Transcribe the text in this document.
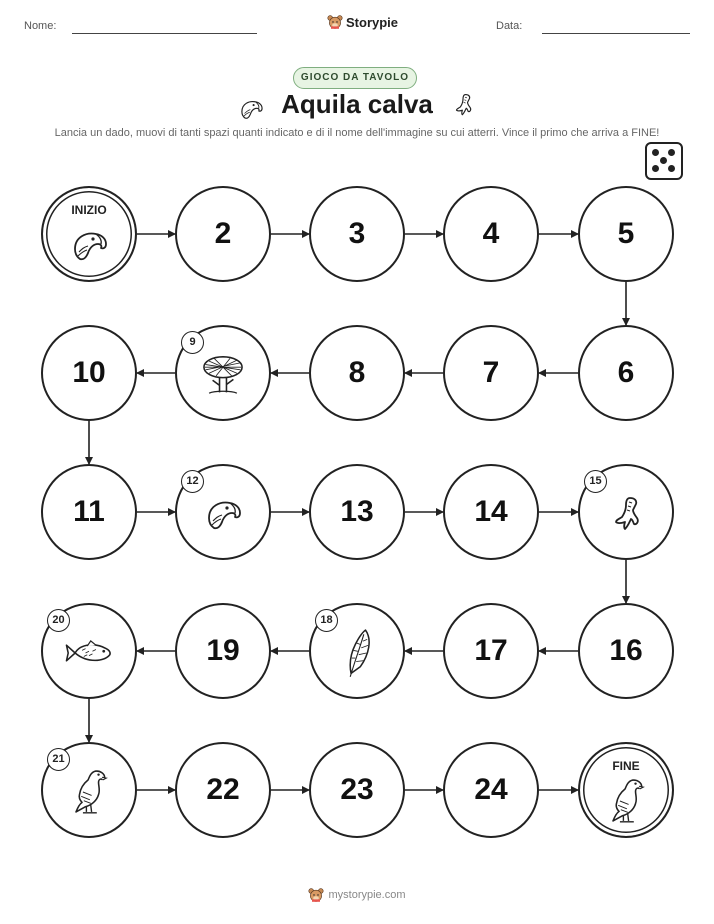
Nome:	Storypie	Data:
GIOCO DA TAVOLO
Aquila calva
Lancia un dado, muovi di tanti spazi quanti indicato e di il nome dell'immagine su cui atterri. Vince il primo che arriva a FINE!
INIZIO
2	3	4	5
6
7
8
9
10
11
12
13	14
15
16
17
18
19
20
21
22	23	24
FINE
mystorypie.com
